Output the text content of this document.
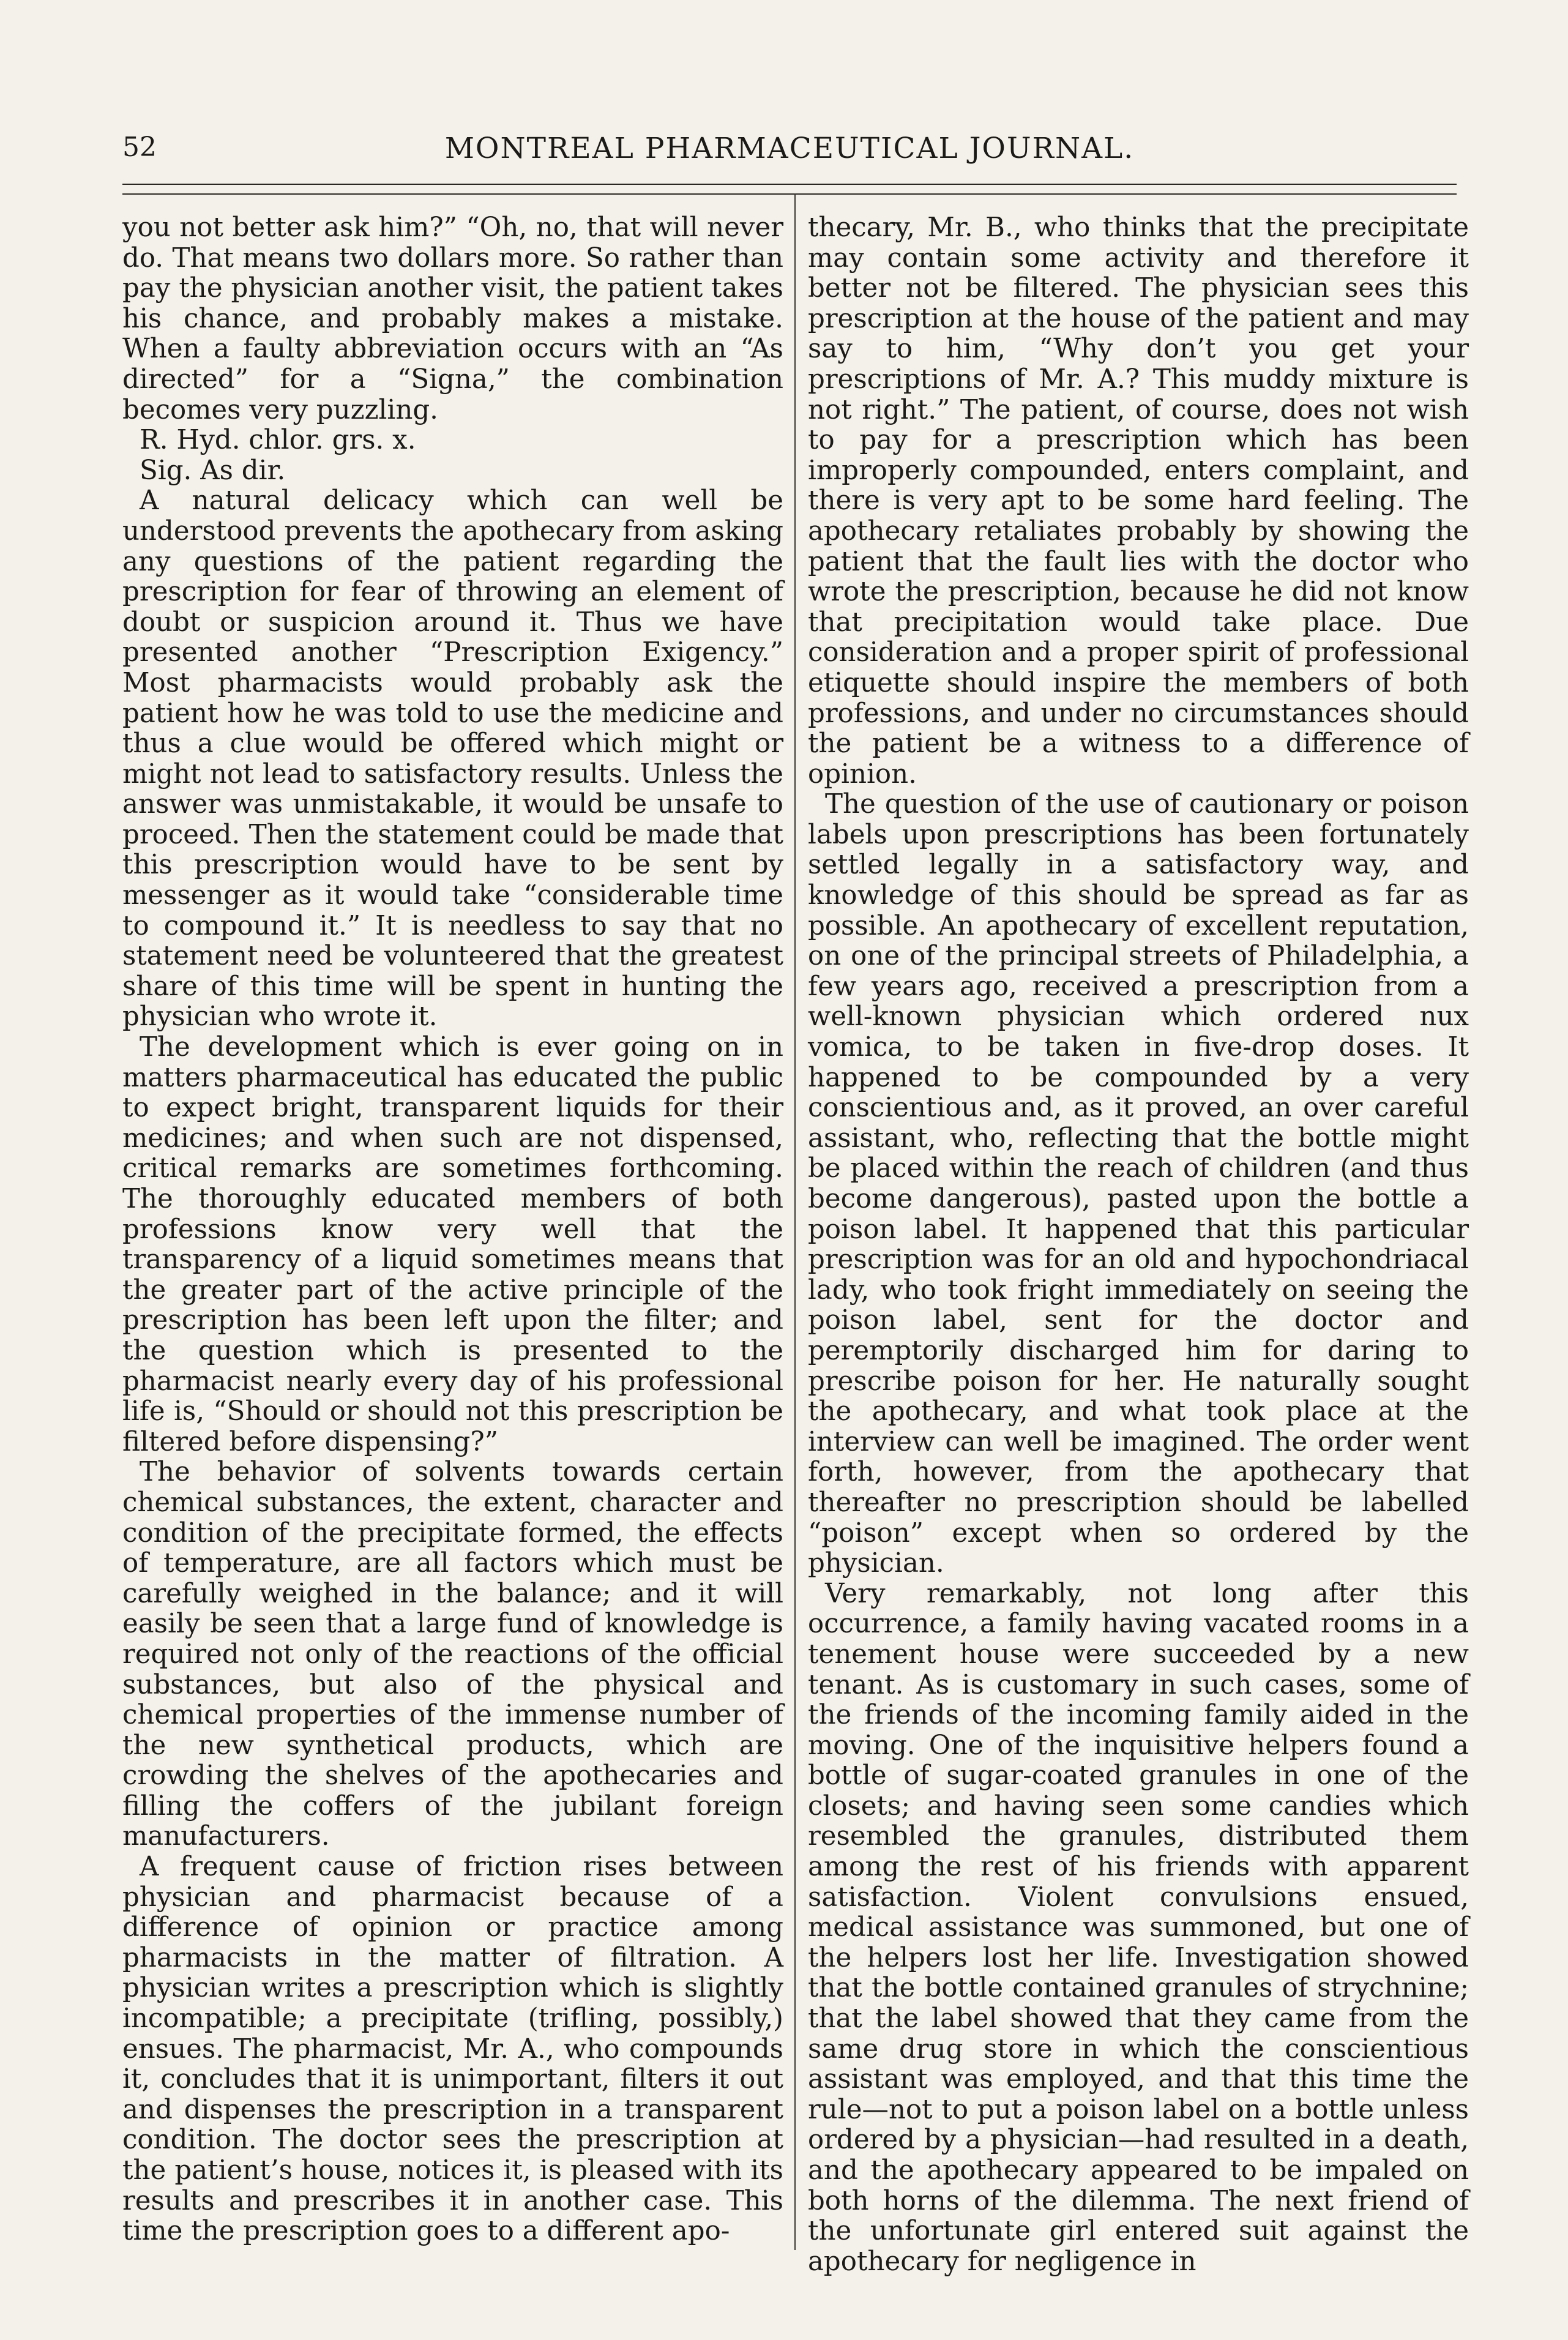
52	MONTREAL PHARMACEUTICAL JOURNAL.

you not better ask him?” “Oh, no, that will never do. That means two dollars more. So rather than pay the physician another visit, the patient takes his chance, and probably makes a mistake. When a faulty abbreviation occurs with an “As directed” for a “Signa,” the combination becomes very puzzling.

R. Hyd. chlor. grs. x.

Sig. As dir.

A natural delicacy which can well be understood prevents the apothecary from asking any questions of the patient regarding the prescription for fear of throwing an element of doubt or suspicion around it. Thus we have presented another “Prescription Exigency.” Most pharmacists would probably ask the patient how he was told to use the medicine and thus a clue would be offered which might or might not lead to satisfactory results. Unless the answer was unmistakable, it would be unsafe to proceed. Then the statement could be made that this prescription would have to be sent by messenger as it would take “considerable time to compound it.” It is needless to say that no statement need be volunteered that the greatest share of this time will be spent in hunting the physician who wrote it.

The development which is ever going on in matters pharmaceutical has educated the public to expect bright, transparent liquids for their medicines; and when such are not dispensed, critical remarks are sometimes forthcoming. The thoroughly educated members of both professions know very well that the transparency of a liquid sometimes means that the greater part of the active principle of the prescription has been left upon the filter; and the question which is presented to the pharmacist nearly every day of his professional life is, “Should or should not this prescription be filtered before dispensing?”

The behavior of solvents towards certain chemical substances, the extent, character and condition of the precipitate formed, the effects of temperature, are all factors which must be carefully weighed in the balance; and it will easily be seen that a large fund of knowledge is required not only of the reactions of the official substances, but also of the physical and chemical properties of the immense number of the new synthetical products, which are crowding the shelves of the apothecaries and filling the coffers of the jubilant foreign manufacturers.

A frequent cause of friction rises between physician and pharmacist because of a difference of opinion or practice among pharmacists in the matter of filtration. A physician writes a prescription which is slightly incompatible; a precipitate (trifling, possibly,) ensues. The pharmacist, Mr. A., who compounds it, concludes that it is unimportant, filters it out and dispenses the prescription in a transparent condition. The doctor sees the prescription at the patient’s house, notices it, is pleased with its results and prescribes it in another case. This time the prescription goes to a different apo-

thecary, Mr. B., who thinks that the precipitate may contain some activity and therefore it better not be filtered. The physician sees this prescription at the house of the patient and may say to him, “Why don’t you get your prescriptions of Mr. A.? This muddy mixture is not right.” The patient, of course, does not wish to pay for a prescription which has been improperly compounded, enters complaint, and there is very apt to be some hard feeling. The apothecary retaliates probably by showing the patient that the fault lies with the doctor who wrote the prescription, because he did not know that precipitation would take place. Due consideration and a proper spirit of professional etiquette should inspire the members of both professions, and under no circumstances should the patient be a witness to a difference of opinion.

The question of the use of cautionary or poison labels upon prescriptions has been fortunately settled legally in a satisfactory way, and knowledge of this should be spread as far as possible. An apothecary of excellent reputation, on one of the principal streets of Philadelphia, a few years ago, received a prescription from a well-known physician which ordered nux vomica, to be taken in five-drop doses. It happened to be compounded by a very conscientious and, as it proved, an over careful assistant, who, reflecting that the bottle might be placed within the reach of children (and thus become dangerous), pasted upon the bottle a poison label. It happened that this particular prescription was for an old and hypochondriacal lady, who took fright immediately on seeing the poison label, sent for the doctor and peremptorily discharged him for daring to prescribe poison for her. He naturally sought the apothecary, and what took place at the interview can well be imagined. The order went forth, however, from the apothecary that thereafter no prescription should be labelled “poison” except when so ordered by the physician.

Very remarkably, not long after this occurrence, a family having vacated rooms in a tenement house were succeeded by a new tenant. As is customary in such cases, some of the friends of the incoming family aided in the moving. One of the inquisitive helpers found a bottle of sugar-coated granules in one of the closets; and having seen some candies which resembled the granules, distributed them among the rest of his friends with apparent satisfaction. Violent convulsions ensued, medical assistance was summoned, but one of the helpers lost her life. Investigation showed that the bottle contained granules of strychnine; that the label showed that they came from the same drug store in which the conscientious assistant was employed, and that this time the rule—not to put a poison label on a bottle unless ordered by a physician—had resulted in a death, and the apothecary appeared to be impaled on both horns of the dilemma. The next friend of the unfortunate girl entered suit against the apothecary for negligence in
